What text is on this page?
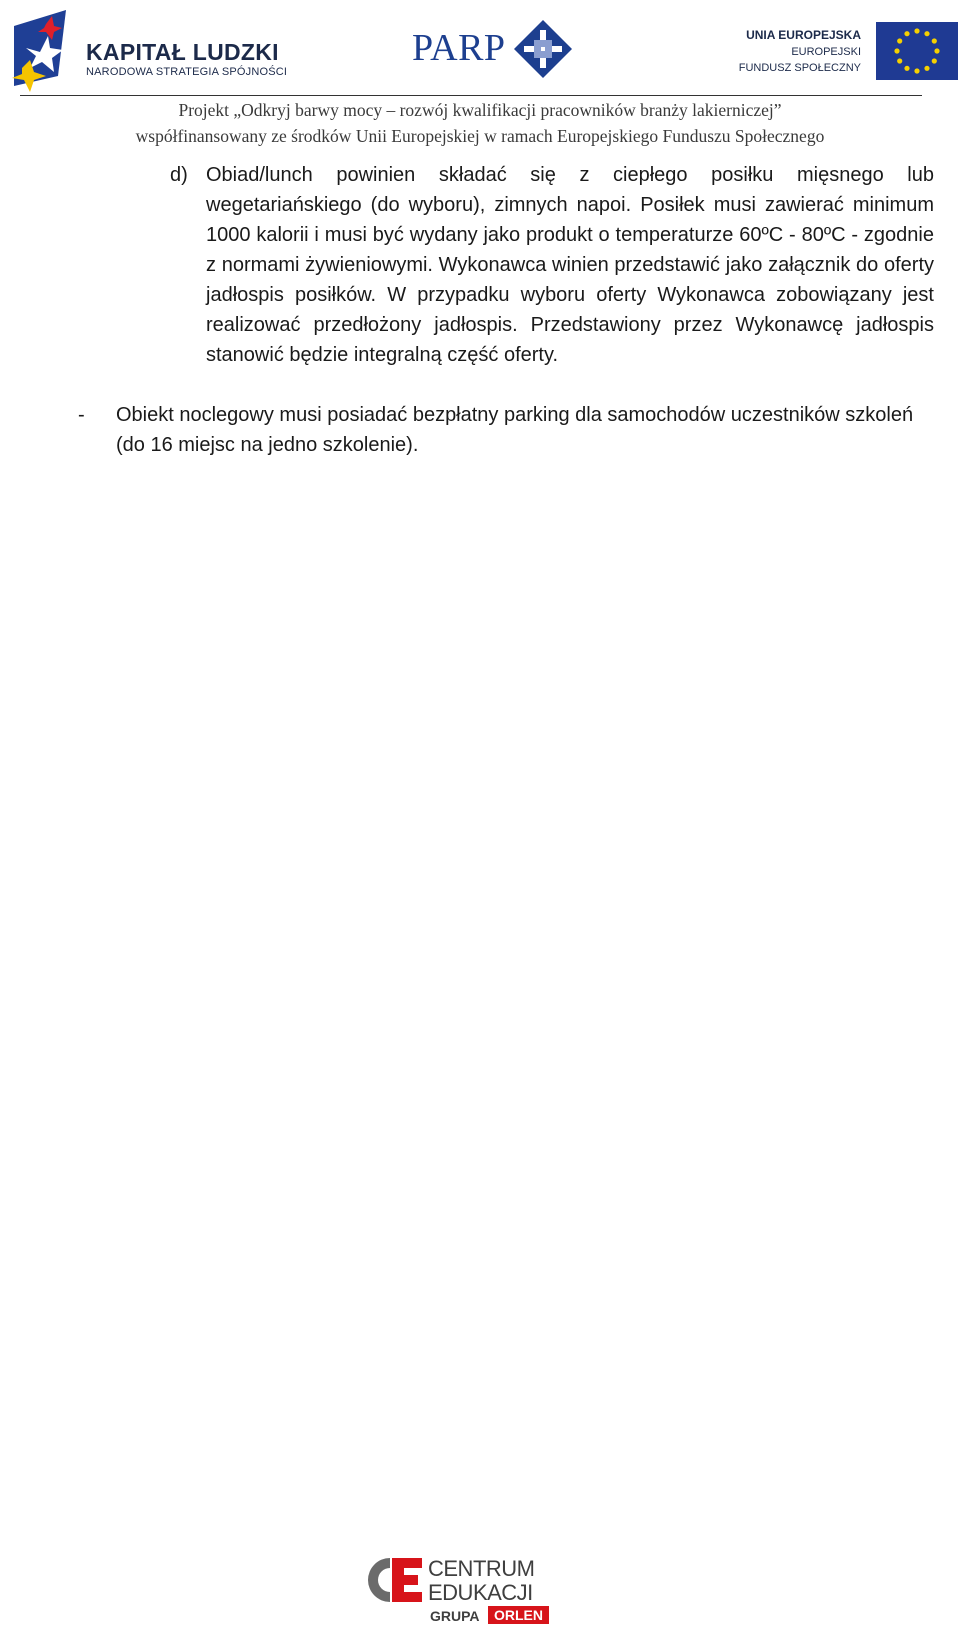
KAPITAŁ LUDZKI
NARODOWA STRATEGIA SPÓJNOŚCI
PARP	UNIA EUROPEJSKA
EUROPEJSKI
FUNDUSZ SPOŁECZNY
Projekt „Odkryj barwy mocy – rozwój kwalifikacji pracowników branży lakierniczej”
współfinansowany ze środków Unii Europejskiej w ramach Europejskiego Funduszu Społecznego
d) Obiad/lunch powinien składać się z ciepłego posiłku mięsnego lub wegetariańskiego (do wyboru), zimnych napoi. Posiłek musi zawierać minimum 1000 kalorii i musi być wydany jako produkt o temperaturze 60ºC - 80ºC - zgodnie z normami żywieniowymi. Wykonawca winien przedstawić jako załącznik do oferty jadłospis posiłków. W przypadku wyboru oferty Wykonawca zobowiązany jest realizować przedłożony jadłospis. Przedstawiony przez Wykonawcę jadłospis stanowić będzie integralną część oferty.
- Obiekt noclegowy musi posiadać bezpłatny parking dla samochodów uczestników szkoleń (do 16 miejsc na jedno szkolenie).
CENTRUM
EDUKACJI
GRUPA	ORLEN
